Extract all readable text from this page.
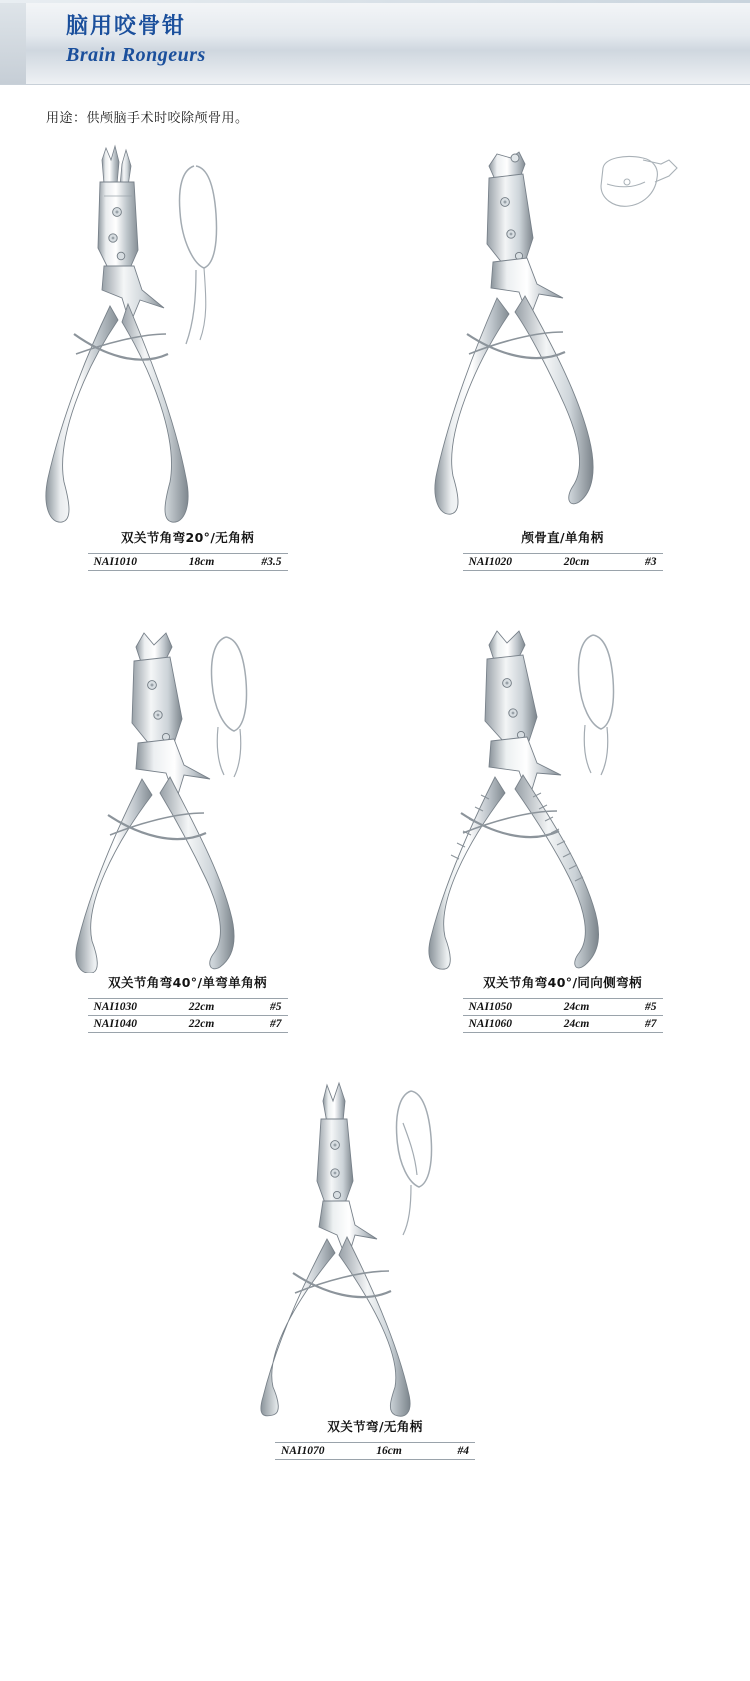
脑用咬骨钳
Brain Rongeurs
用途：供颅脑手术时咬除颅骨用。
双关节角弯20°/无角柄
NAI1010	18cm	#3.5
颅骨直/单角柄
NAI1020	20cm	#3
双关节角弯40°/单弯单角柄
NAI1030	22cm	#5
NAI1040	22cm	#7
双关节角弯40°/同向侧弯柄
NAI1050	24cm	#5
NAI1060	24cm	#7
双关节弯/无角柄
NAI1070	16cm	#4
